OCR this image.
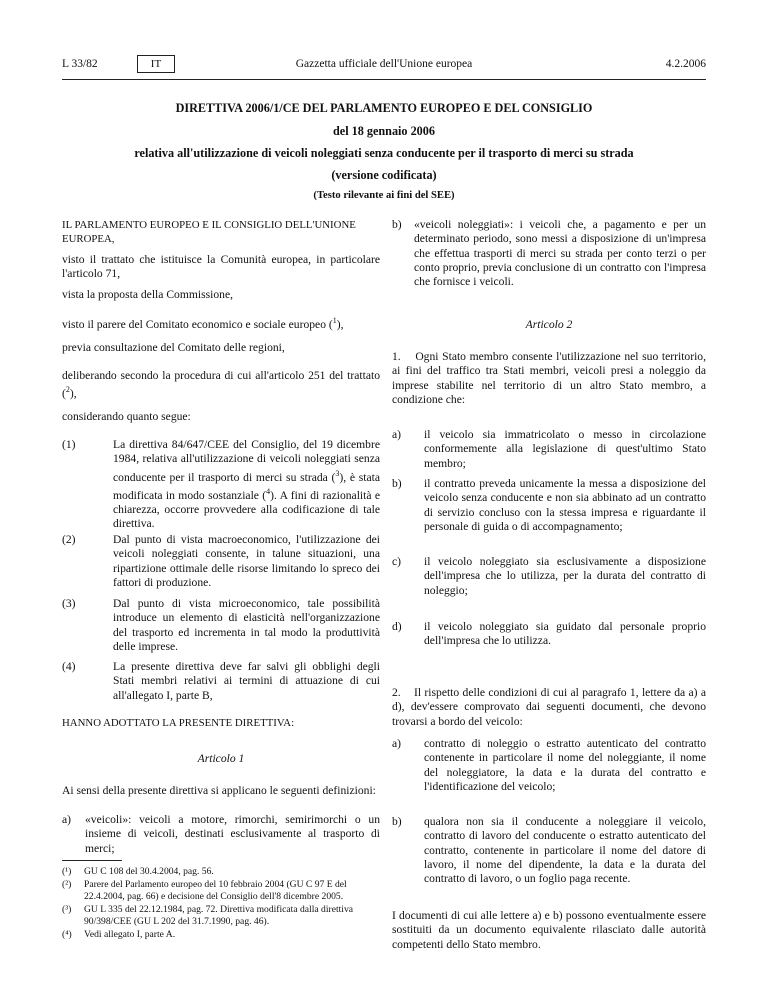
L 33/82	IT	Gazzetta ufficiale dell'Unione europea	4.2.2006
DIRETTIVA 2006/1/CE DEL PARLAMENTO EUROPEO E DEL CONSIGLIO
del 18 gennaio 2006
relativa all'utilizzazione di veicoli noleggiati senza conducente per il trasporto di merci su strada
(versione codificata)
(Testo rilevante ai fini del SEE)
IL PARLAMENTO EUROPEO E IL CONSIGLIO DELL'UNIONE EUROPEA,
visto il trattato che istituisce la Comunità europea, in particolare l'articolo 71,
vista la proposta della Commissione,
visto il parere del Comitato economico e sociale europeo ($^1$),
previa consultazione del Comitato delle regioni,
deliberando secondo la procedura di cui all'articolo 251 del trattato ($^2$),
considerando quanto segue:
(1)	La direttiva 84/647/CEE del Consiglio, del 19 dicembre 1984, relativa all'utilizzazione di veicoli noleggiati senza conducente per il trasporto di merci su strada ($^3$), è stata modificata in modo sostanziale ($^4$). A fini di razionalità e chiarezza, occorre provvedere alla codificazione di tale direttiva.
(2)	Dal punto di vista macroeconomico, l'utilizzazione dei veicoli noleggiati consente, in talune situazioni, una ripartizione ottimale delle risorse limitando lo spreco dei fattori di produzione.
(3)	Dal punto di vista microeconomico, tale possibilità introduce un elemento di elasticità nell'organizzazione del trasporto ed incrementa in tal modo la produttività delle imprese.
(4)	La presente direttiva deve far salvi gli obblighi degli Stati membri relativi ai termini di attuazione di cui all'allegato I, parte B,
HANNO ADOTTATO LA PRESENTE DIRETTIVA:
Articolo 1
Ai sensi della presente direttiva si applicano le seguenti definizioni:
a) «veicoli»: veicoli a motore, rimorchi, semirimorchi o un insieme di veicoli, destinati esclusivamente al trasporto di merci;
(¹) GU C 108 del 30.4.2004, pag. 56.
(²) Parere del Parlamento europeo del 10 febbraio 2004 (GU C 97 E del 22.4.2004, pag. 66) e decisione del Consiglio dell'8 dicembre 2005.
(³) GU L 335 del 22.12.1984, pag. 72. Direttiva modificata dalla direttiva 90/398/CEE (GU L 202 del 31.7.1990, pag. 46).
(⁴) Vedi allegato I, parte A.
b) «veicoli noleggiati»: i veicoli che, a pagamento e per un determinato periodo, sono messi a disposizione di un'impresa che effettua trasporti di merci su strada per conto terzi o per conto proprio, previa conclusione di un contratto con l'impresa che fornisce i veicoli.
Articolo 2
1. Ogni Stato membro consente l'utilizzazione nel suo territorio, ai fini del traffico tra Stati membri, veicoli presi a noleggio da imprese stabilite nel territorio di un altro Stato membro, a condizione che:
a) il veicolo sia immatricolato o messo in circolazione conformemente alla legislazione di quest'ultimo Stato membro;
b) il contratto preveda unicamente la messa a disposizione del veicolo senza conducente e non sia abbinato ad un contratto di servizio concluso con la stessa impresa e riguardante il personale di guida o di accompagnamento;
c) il veicolo noleggiato sia esclusivamente a disposizione dell'impresa che lo utilizza, per la durata del contratto di noleggio;
d) il veicolo noleggiato sia guidato dal personale proprio dell'impresa che lo utilizza.
2. Il rispetto delle condizioni di cui al paragrafo 1, lettere da a) a d), dev'essere comprovato dai seguenti documenti, che devono trovarsi a bordo del veicolo:
a) contratto di noleggio o estratto autenticato del contratto contenente in particolare il nome del noleggiante, il nome del noleggiatore, la data e la durata del contratto e l'identificazione del veicolo;
b) qualora non sia il conducente a noleggiare il veicolo, contratto di lavoro del conducente o estratto autenticato del contratto, contenente in particolare il nome del datore di lavoro, il nome del dipendente, la data e la durata del contratto di lavoro, o un foglio paga recente.
I documenti di cui alle lettere a) e b) possono eventualmente essere sostituiti da un documento equivalente rilasciato dalle autorità competenti dello Stato membro.
